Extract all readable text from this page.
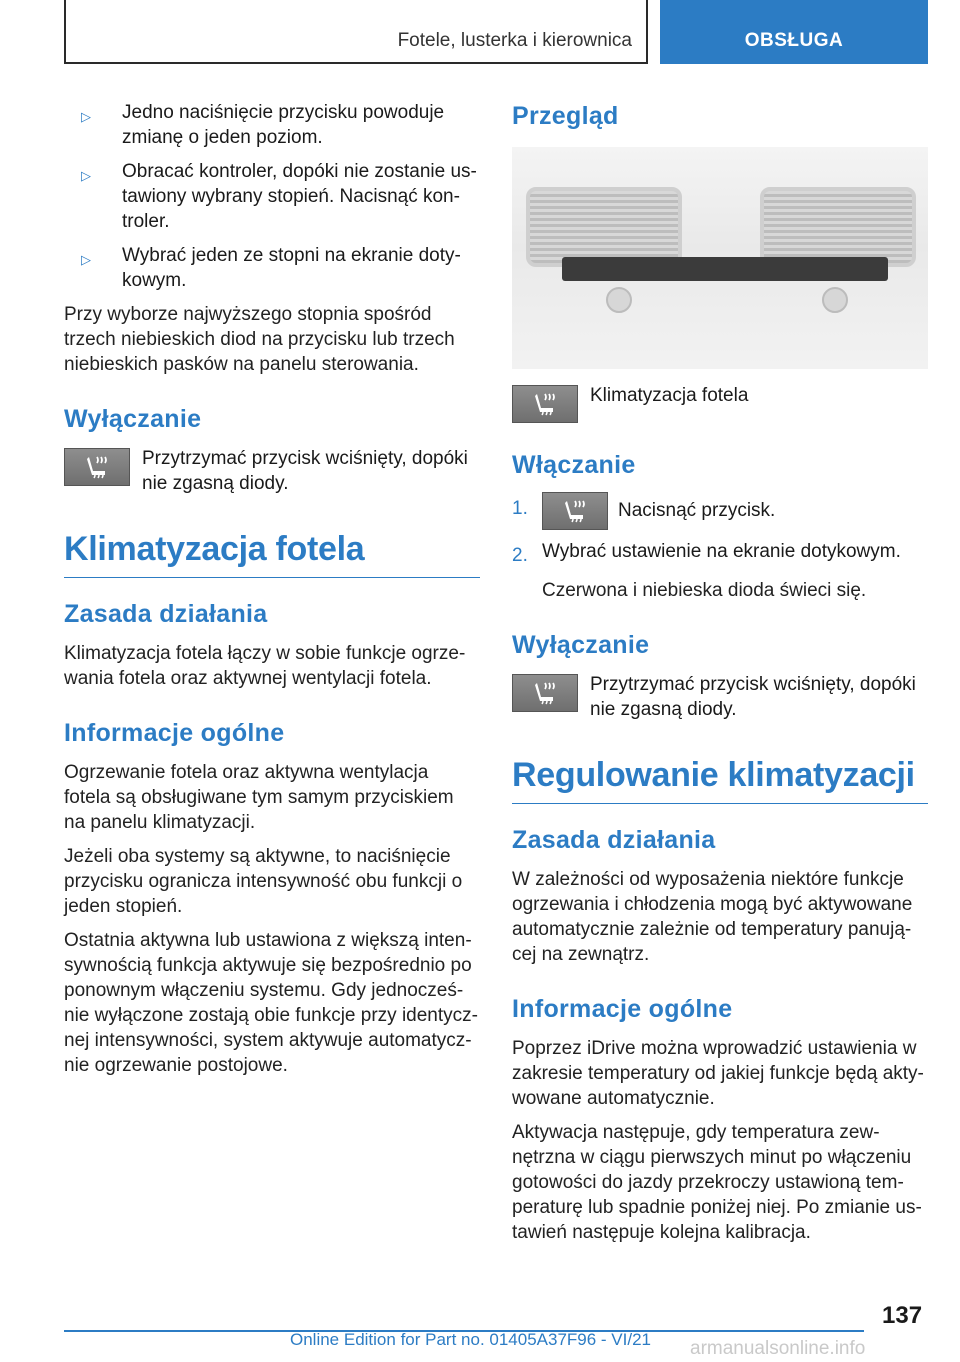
Fotele, lusterka i kierownica	OBSŁUGA
▷ Jedno naciśnięcie przycisku powoduje zmianę o jeden poziom.
▷ Obracać kontroler, dopóki nie zostanie ustawiony wybrany stopień. Nacisnąć kontroler.
▷ Wybrać jeden ze stopni na ekranie dotykowym.

Przy wyborze najwyższego stopnia spośród trzech niebieskich diod na przycisku lub trzech niebieskich pasków na panelu sterowania.

Wyłączanie
Przytrzymać przycisk wciśnięty, dopóki nie zgasną diody.
Klimatyzacja fotela
Zasada działania

Klimatyzacja fotela łączy w sobie funkcje ogrzewania fotela oraz aktywnej wentylacji fotela.

Informacje ogólne

Ogrzewanie fotela oraz aktywna wentylacja fotela są obsługiwane tym samym przyciskiem na panelu klimatyzacji.

Jeżeli oba systemy są aktywne, to naciśnięcie przycisku ogranicza intensywność obu funkcji o jeden stopień.

Ostatnia aktywna lub ustawiona z większą intensywnością funkcja aktywuje się bezpośrednio po ponownym włączeniu systemu. Gdy jednocześnie wyłączone zostają obie funkcje przy identycznej intensywności, system aktywuje automatycznie ogrzewanie postojowe.

Przegląd
Klimatyzacja fotela
Włączanie
1.	Nacisnąć przycisk.
2. Wybrać ustawienie na ekranie dotykowym.

Czerwona i niebieska dioda świeci się.

Wyłączanie
Przytrzymać przycisk wciśnięty, dopóki nie zgasną diody.
Regulowanie klimatyzacji
Zasada działania

W zależności od wyposażenia niektóre funkcje ogrzewania i chłodzenia mogą być aktywowane automatycznie zależnie od temperatury panującej na zewnątrz.

Informacje ogólne

Poprzez iDrive można wprowadzić ustawienia w zakresie temperatury od jakiej funkcje będą aktywowane automatycznie.

Aktywacja następuje, gdy temperatura zewnętrzna w ciągu pierwszych minut po włączeniu gotowości do jazdy przekroczy ustawioną temperaturę lub spadnie poniżej niej. Po zmianie ustawień następuje kolejna kalibracja.

137
Online Edition for Part no. 01405A37F96 - VI/21 armanualsonline.info
